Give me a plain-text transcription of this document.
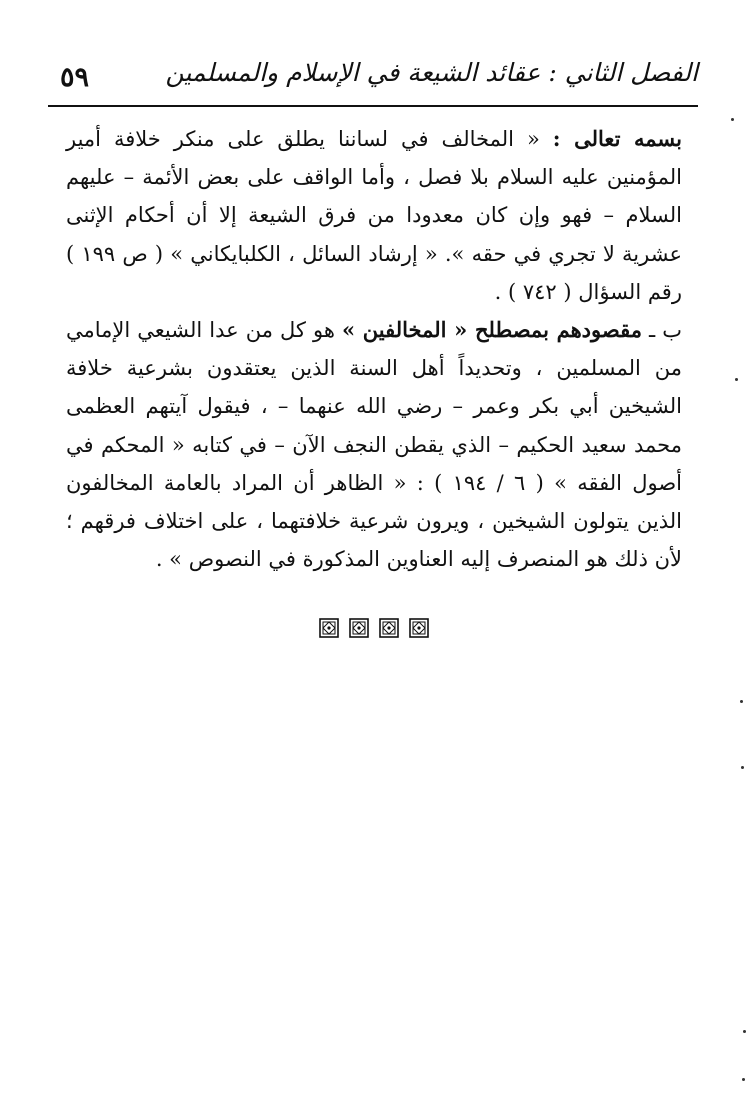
٥٩	الفصل الثاني : عقائد الشيعة في الإسلام والمسلمين

بسمه تعالى : « المخالف في لساننا يطلق على منكر خلافة أمير المؤمنين عليه السلام بلا فصل ، وأما الواقف على بعض الأئمة – عليهم السلام – فهو وإن كان معدودا من فرق الشيعة إلا أن أحكام الإثنى عشرية لا تجري في حقه ». « إرشاد السائل ، الكلبايكاني » ( ص ١٩٩ ) رقم السؤال ( ٧٤٢ ) .

ب ـ مقصودهم بمصطلح « المخالفين » هو كل من عدا الشيعي الإمامي من المسلمين ، وتحديداً أهل السنة الذين يعتقدون بشرعية خلافة الشيخين أبي بكر وعمر – رضي الله عنهما – ، فيقول آيتهم العظمى محمد سعيد الحكيم – الذي يقطن النجف الآن – في كتابه « المحكم في أصول الفقه » ( ٦ / ١٩٤ ) : « الظاهر أن المراد بالعامة المخالفون الذين يتولون الشيخين ، ويرون شرعية خلافتهما ، على اختلاف فرقهم ؛ لأن ذلك هو المنصرف إليه العناوين المذكورة في النصوص » .
